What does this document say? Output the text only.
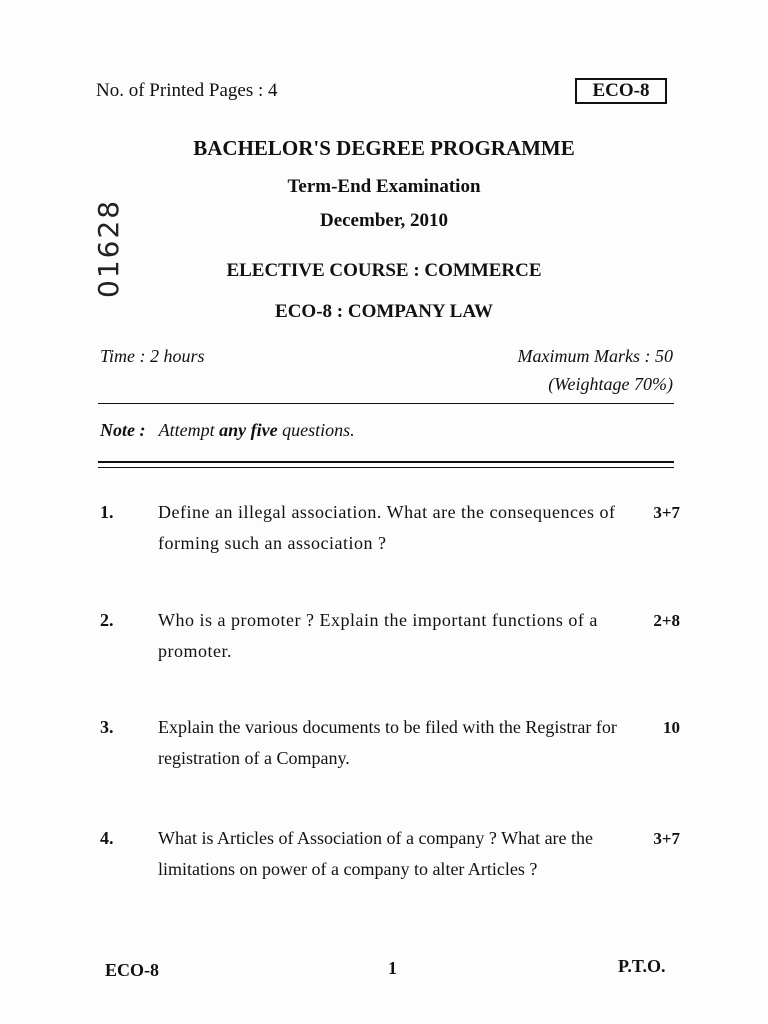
No. of Printed Pages : 4	ECO-8
01628
BACHELOR'S DEGREE PROGRAMME
Term-End Examination
December, 2010
ELECTIVE COURSE : COMMERCE
ECO-8 : COMPANY LAW
Time : 2 hours	Maximum Marks : 50
(Weightage 70%)
Note : Attempt any five questions.
1. Define an illegal association. What are the consequences of forming such an association ?
3+7
2. Who is a promoter ? Explain the important functions of a promoter.
2+8
3. Explain the various documents to be filed with the Registrar for registration of a Company.
10
4. What is Articles of Association of a company ? What are the limitations on power of a company to alter Articles ?
3+7
ECO-8	1	P.T.O.
